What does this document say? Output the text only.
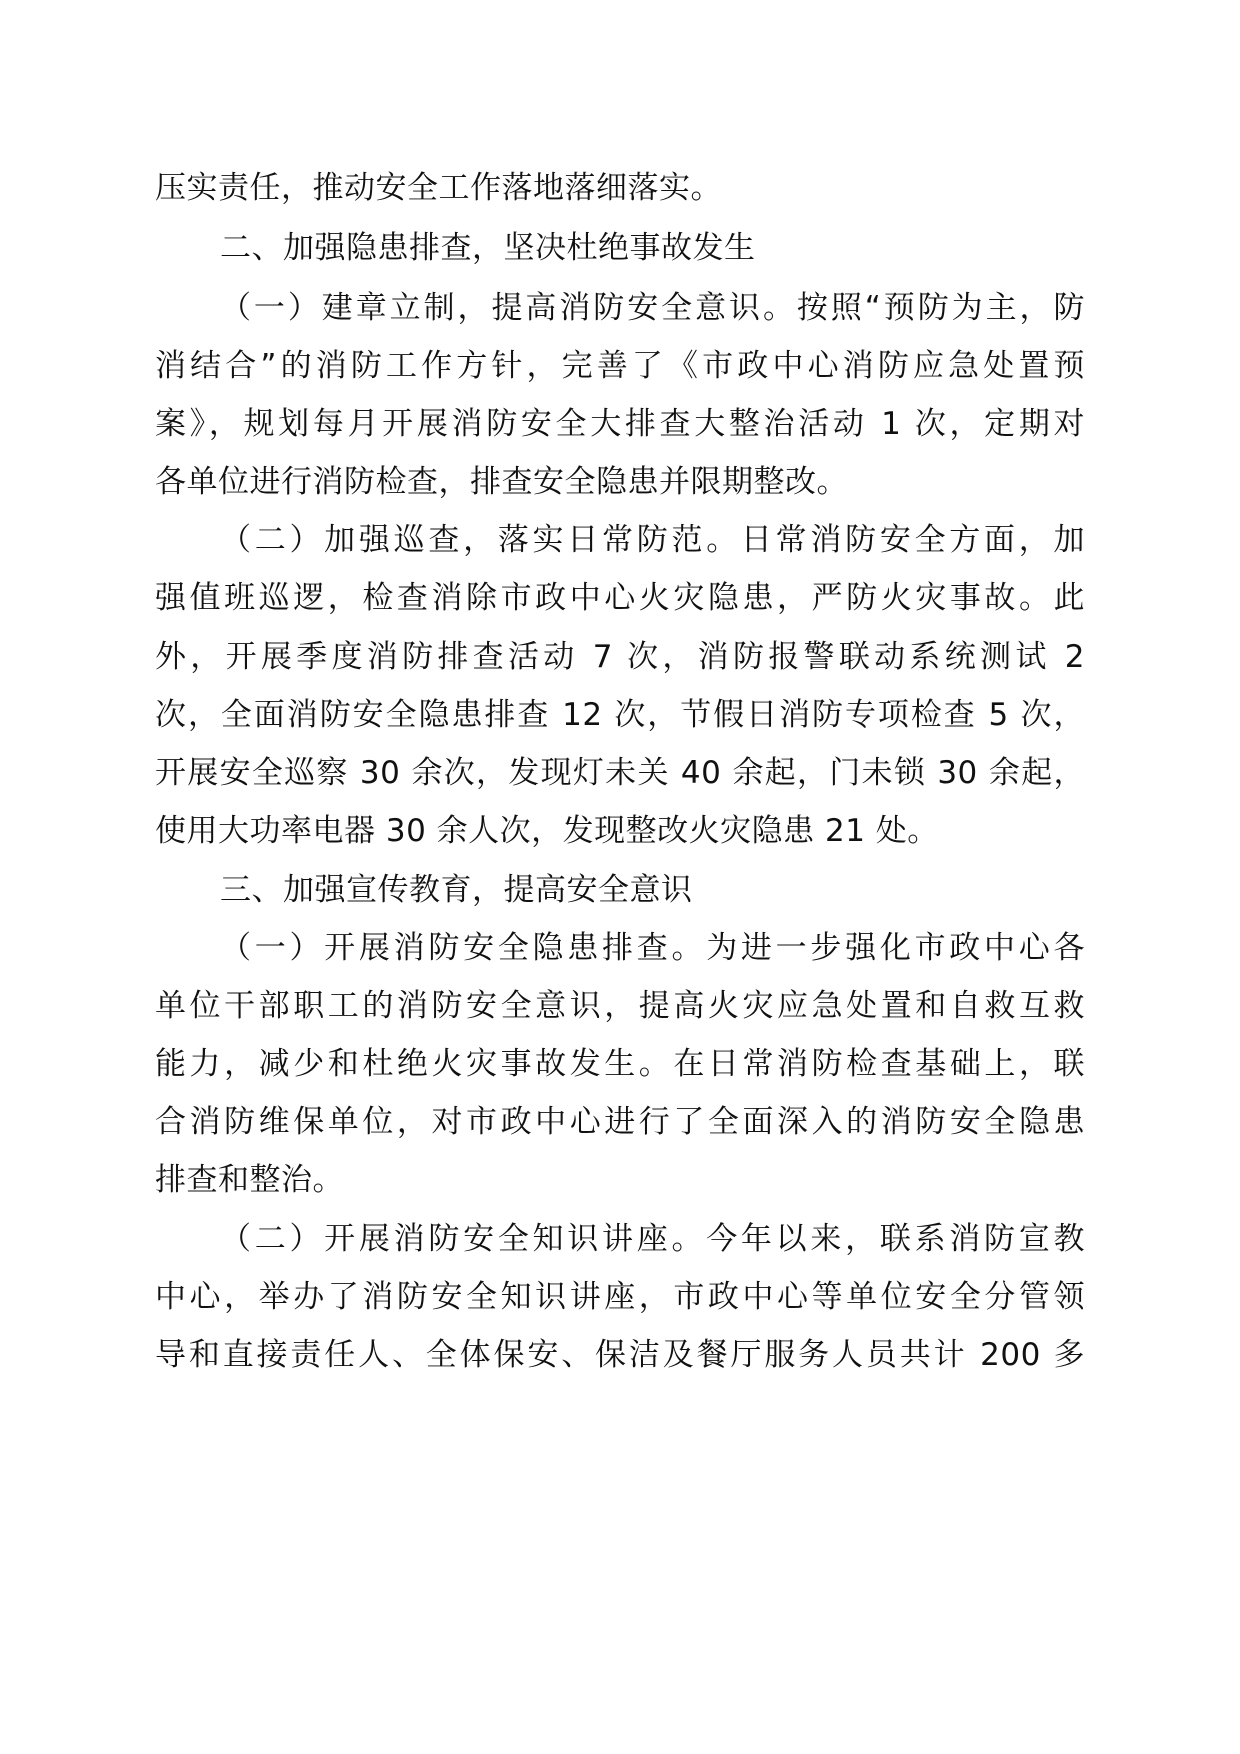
压实责任，推动安全工作落地落细落实。
二、加强隐患排查，坚决杜绝事故发生
（一）建章立制，提高消防安全意识。按照“预防为主，防
消结合”的消防工作方针，完善了《市政中心消防应急处置预
案》，规划每月开展消防安全大排查大整治活动 1 次，定期对
各单位进行消防检查，排查安全隐患并限期整改。
（二）加强巡查，落实日常防范。日常消防安全方面，加
强值班巡逻，检查消除市政中心火灾隐患，严防火灾事故。此
外，开展季度消防排查活动 7 次，消防报警联动系统测试 2
次，全面消防安全隐患排查 12 次，节假日消防专项检查 5 次，
开展安全巡察 30 余次，发现灯未关 40 余起，门未锁 30 余起，
使用大功率电器 30 余人次，发现整改火灾隐患 21 处。
三、加强宣传教育，提高安全意识
（一）开展消防安全隐患排查。为进一步强化市政中心各
单位干部职工的消防安全意识，提高火灾应急处置和自救互救
能力，减少和杜绝火灾事故发生。在日常消防检查基础上，联
合消防维保单位，对市政中心进行了全面深入的消防安全隐患
排查和整治。
（二）开展消防安全知识讲座。今年以来，联系消防宣教
中心，举办了消防安全知识讲座，市政中心等单位安全分管领
导和直接责任人、全体保安、保洁及餐厅服务人员共计 200 多
